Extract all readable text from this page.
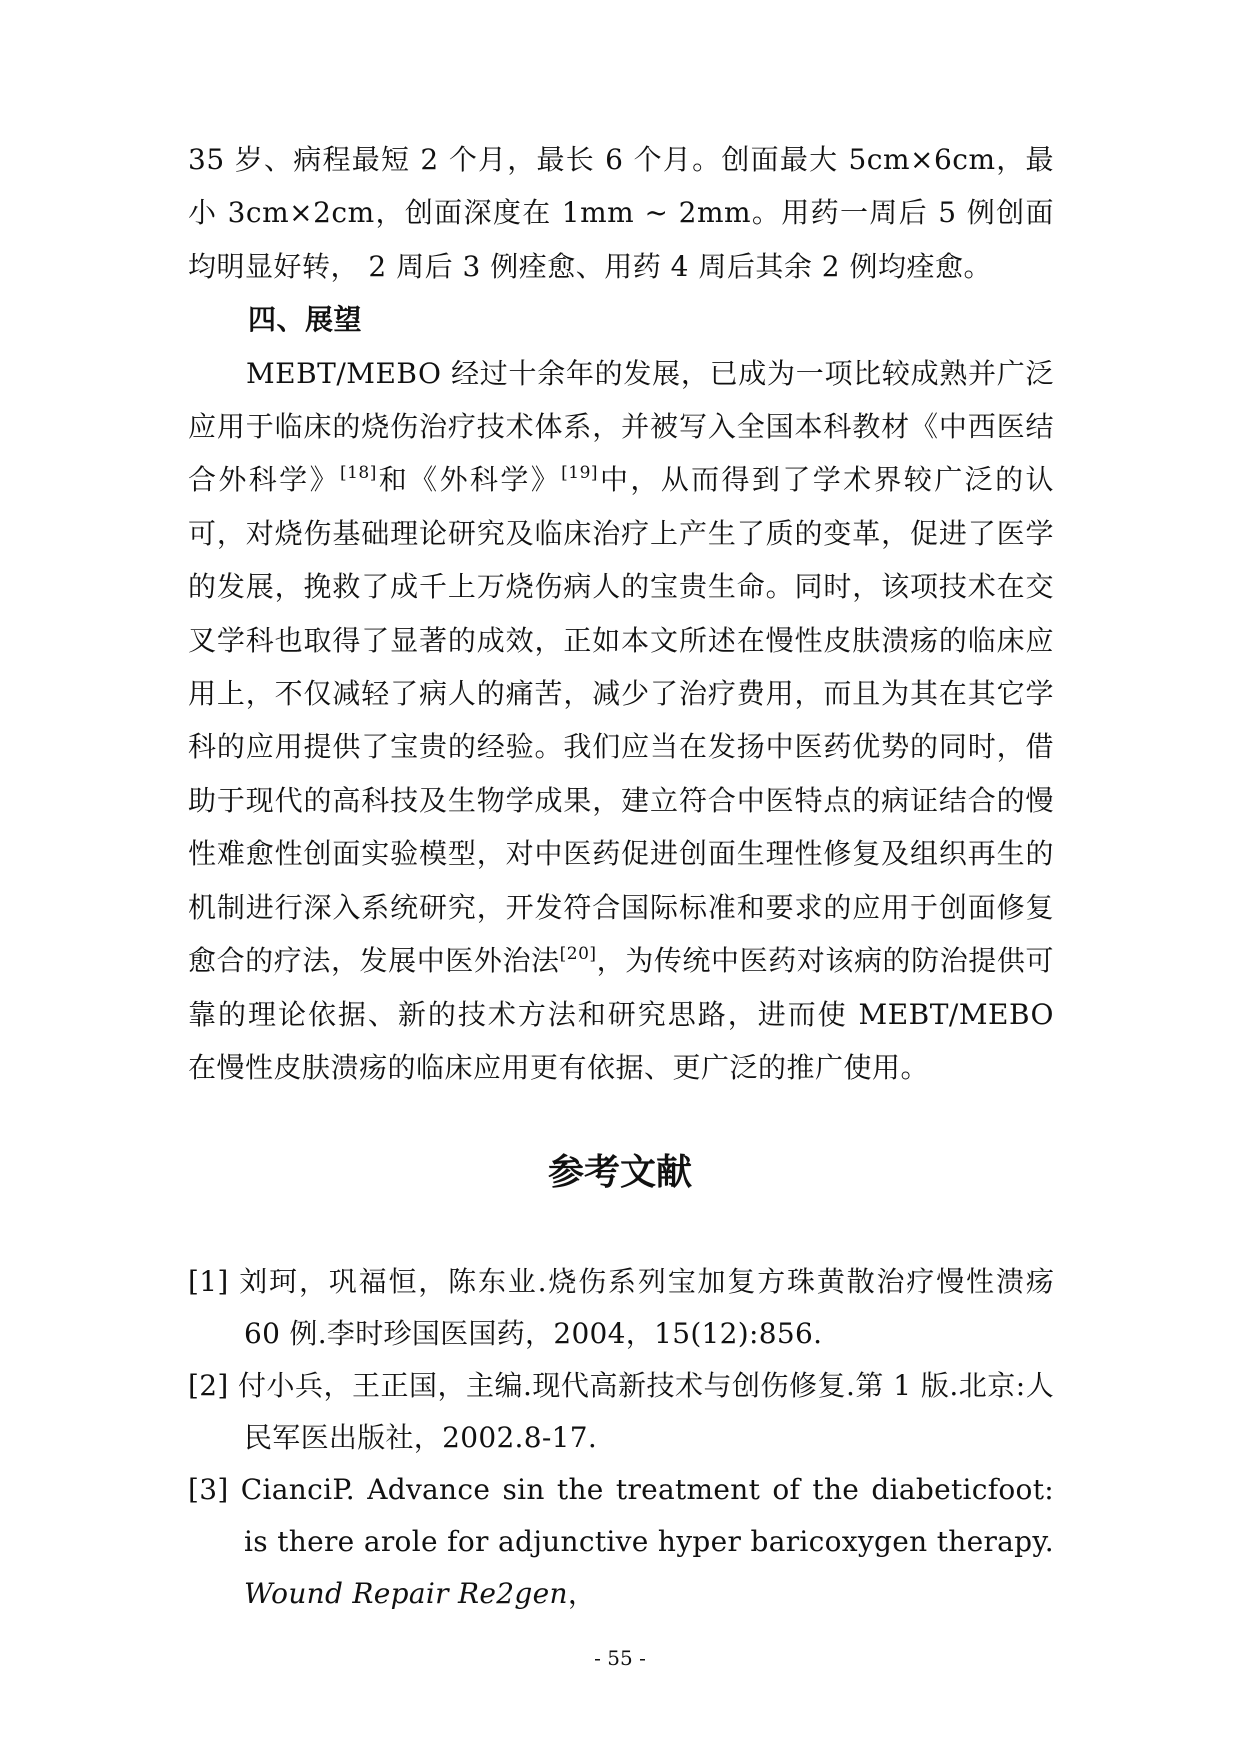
35 岁、病程最短 2 个月，最长 6 个月。创面最大 5cm×6cm，最小 3cm×2cm，创面深度在 1mm ~ 2mm。用药一周后 5 例创面均明显好转， 2 周后 3 例痊愈、用药 4 周后其余 2 例均痊愈。

四、展望

MEBT/MEBO 经过十余年的发展，已成为一项比较成熟并广泛应用于临床的烧伤治疗技术体系，并被写入全国本科教材《中西医结合外科学》[18]和《外科学》[19]中，从而得到了学术界较广泛的认可，对烧伤基础理论研究及临床治疗上产生了质的变革，促进了医学的发展，挽救了成千上万烧伤病人的宝贵生命。同时，该项技术在交叉学科也取得了显著的成效，正如本文所述在慢性皮肤溃疡的临床应用上，不仅减轻了病人的痛苦，减少了治疗费用，而且为其在其它学科的应用提供了宝贵的经验。我们应当在发扬中医药优势的同时，借助于现代的高科技及生物学成果，建立符合中医特点的病证结合的慢性难愈性创面实验模型，对中医药促进创面生理性修复及组织再生的机制进行深入系统研究，开发符合国际标准和要求的应用于创面修复愈合的疗法，发展中医外治法[20]，为传统中医药对该病的防治提供可靠的理论依据、新的技术方法和研究思路，进而使 MEBT/MEBO 在慢性皮肤溃疡的临床应用更有依据、更广泛的推广使用。

参考文献
[1] 刘珂，巩福恒，陈东业.烧伤系列宝加复方珠黄散治疗慢性溃疡 60 例.李时珍国医国药，2004，15(12):856.
[2] 付小兵，王正国，主编.现代高新技术与创伤修复.第 1 版.北京:人民军医出版社，2002.8-17.
[3] CianciP. Advance sin the treatment of the diabeticfoot: is there arole for adjunctive hyper baricoxygen therapy. Wound Repair Re2gen，
- 55 -
